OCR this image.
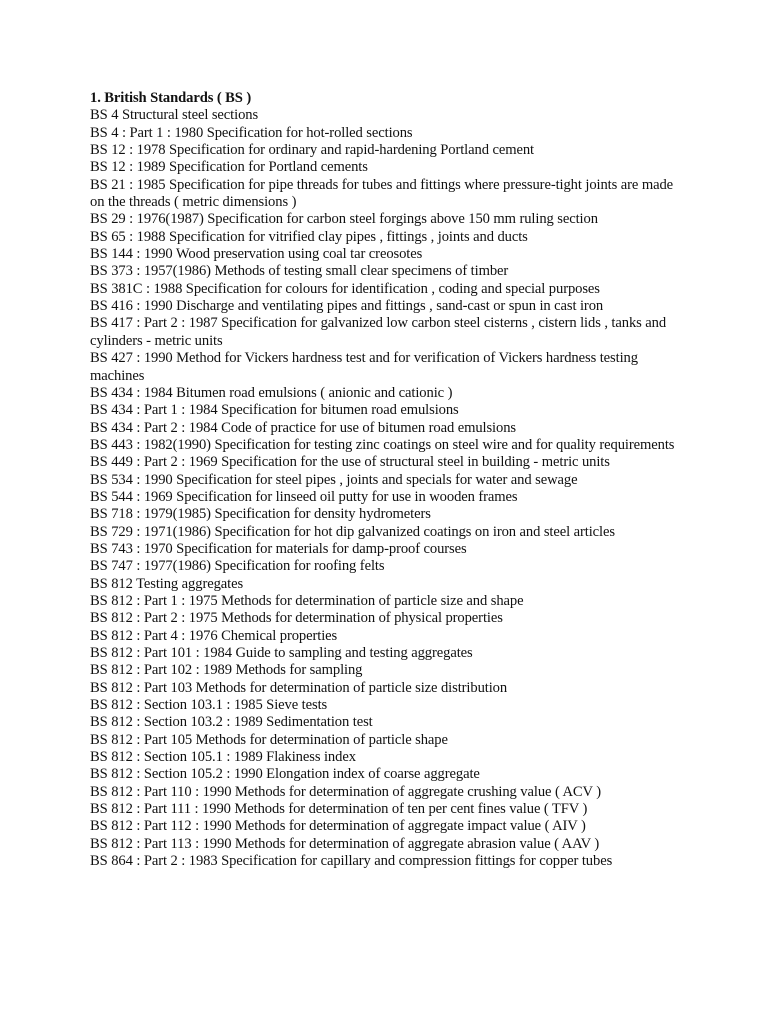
1. British Standards ( BS )
BS 4 Structural steel sections
BS 4 : Part 1 : 1980 Specification for hot-rolled sections
BS 12 : 1978 Specification for ordinary and rapid-hardening Portland cement
BS 12 : 1989 Specification for Portland cements
BS 21 : 1985 Specification for pipe threads for tubes and fittings where pressure-tight joints are made on the threads ( metric dimensions )
BS 29 : 1976(1987) Specification for carbon steel forgings above 150 mm ruling section
BS 65 : 1988 Specification for vitrified clay pipes , fittings , joints and ducts
BS 144 : 1990 Wood preservation using coal tar creosotes
BS 373 : 1957(1986) Methods of testing small clear specimens of timber
BS 381C : 1988 Specification for colours for identification , coding and special purposes
BS 416 : 1990 Discharge and ventilating pipes and fittings , sand-cast or spun in cast iron
BS 417 : Part 2 : 1987 Specification for galvanized low carbon steel cisterns , cistern lids , tanks and cylinders - metric units
BS 427 : 1990 Method for Vickers hardness test and for verification of Vickers hardness testing machines
BS 434 : 1984 Bitumen road emulsions ( anionic and cationic )
BS 434 : Part 1 : 1984 Specification for bitumen road emulsions
BS 434 : Part 2 : 1984 Code of practice for use of bitumen road emulsions
BS 443 : 1982(1990) Specification for testing zinc coatings on steel wire and for quality requirements
BS 449 : Part 2 : 1969 Specification for the use of structural steel in building - metric units
BS 534 : 1990 Specification for steel pipes , joints and specials for water and sewage
BS 544 : 1969 Specification for linseed oil putty for use in wooden frames
BS 718 : 1979(1985) Specification for density hydrometers
BS 729 : 1971(1986) Specification for hot dip galvanized coatings on iron and steel articles
BS 743 : 1970 Specification for materials for damp-proof courses
BS 747 : 1977(1986) Specification for roofing felts
BS 812 Testing aggregates
BS 812 : Part 1 : 1975 Methods for determination of particle size and shape
BS 812 : Part 2 : 1975 Methods for determination of physical properties
BS 812 : Part 4 : 1976 Chemical properties
BS 812 : Part 101 : 1984 Guide to sampling and testing aggregates
BS 812 : Part 102 : 1989 Methods for sampling
BS 812 : Part 103 Methods for determination of particle size distribution
BS 812 : Section 103.1 : 1985 Sieve tests
BS 812 : Section 103.2 : 1989 Sedimentation test
BS 812 : Part 105 Methods for determination of particle shape
BS 812 : Section 105.1 : 1989 Flakiness index
BS 812 : Section 105.2 : 1990 Elongation index of coarse aggregate
BS 812 : Part 110 : 1990 Methods for determination of aggregate crushing value ( ACV )
BS 812 : Part 111 : 1990 Methods for determination of ten per cent fines value ( TFV )
BS 812 : Part 112 : 1990 Methods for determination of aggregate impact value ( AIV )
BS 812 : Part 113 : 1990 Methods for determination of aggregate abrasion value ( AAV )
BS 864 : Part 2 : 1983 Specification for capillary and compression fittings for copper tubes
